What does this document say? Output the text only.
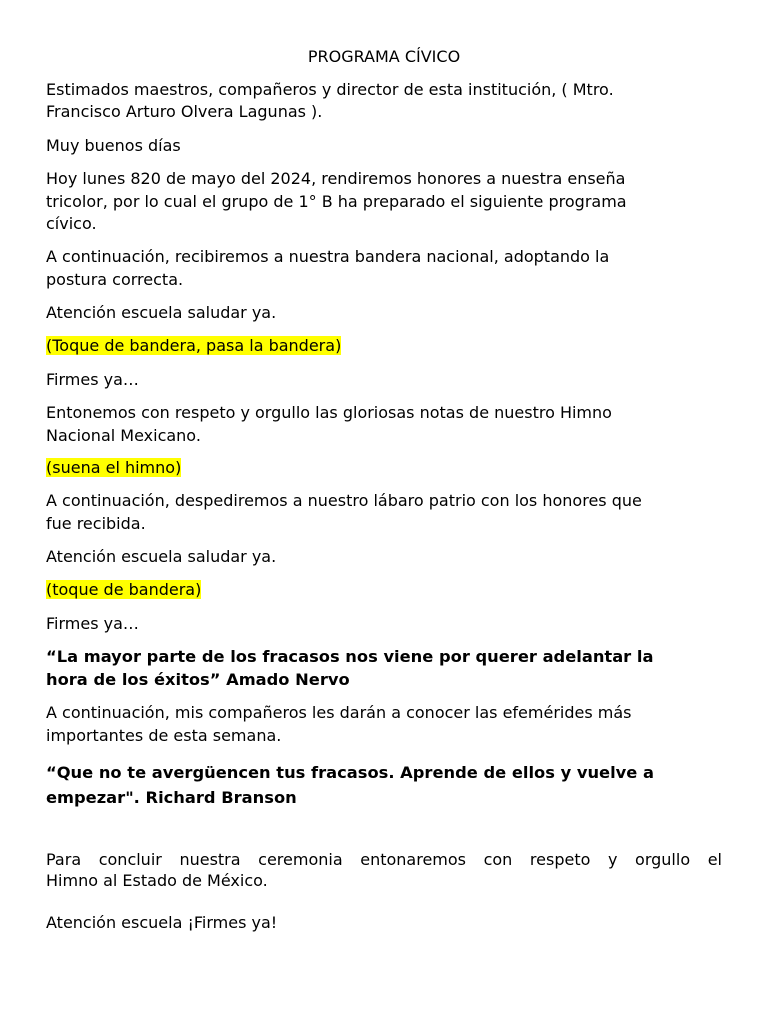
PROGRAMA CÍVICO
Estimados maestros, compañeros y director de esta institución, ( Mtro.
Francisco Arturo Olvera Lagunas ).
Muy buenos días
Hoy lunes 820 de mayo del 2024, rendiremos honores a nuestra enseña
tricolor, por lo cual el grupo de 1° B ha preparado el siguiente programa
cívico.
A continuación, recibiremos a nuestra bandera nacional, adoptando la
postura correcta.
Atención escuela saludar ya.
(Toque de bandera, pasa la bandera)
Firmes ya…
Entonemos con respeto y orgullo las gloriosas notas de nuestro Himno
Nacional Mexicano.
(suena el himno)
A continuación, despediremos a nuestro lábaro patrio con los honores que
fue recibida.
Atención escuela saludar ya.
(toque de bandera)
Firmes ya…
“La mayor parte de los fracasos nos viene por querer adelantar la
hora de los éxitos” Amado Nervo
A continuación, mis compañeros les darán a conocer las efemérides más
importantes de esta semana.
“Que no te avergüencen tus fracasos. Aprende de ellos y vuelve a
empezar". Richard Branson
Para concluir nuestra ceremonia entonaremos con respeto y orgullo el
Himno al Estado de México.
Atención escuela ¡Firmes ya!
